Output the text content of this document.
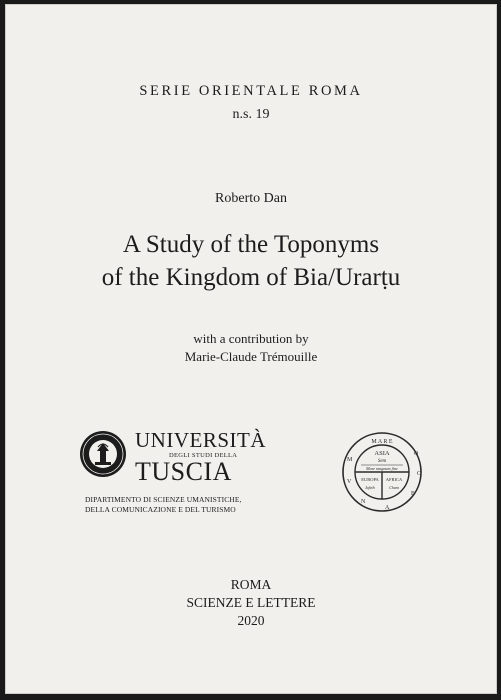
SERIE ORIENTALE ROMA
n.s. 19
Roberto Dan
A Study of the Toponyms
of the Kingdom of Bia/Urarṭu
with a contribution by
Marie-Claude Trémouille
UNIVERSITÀ
DEGLI STUDI DELLA
TUSCIA
DIPARTIMENTO DI SCIENZE UMANISTICHE,
DELLA COMUNICAZIONE E DEL TURISMO
M A R E
O
C
E
A
N
V
M
ASIA
Sem
Mare magnum fine
EUROPA AFRICA
Iafeth	Cham
ROMA
SCIENZE E LETTERE
2020
